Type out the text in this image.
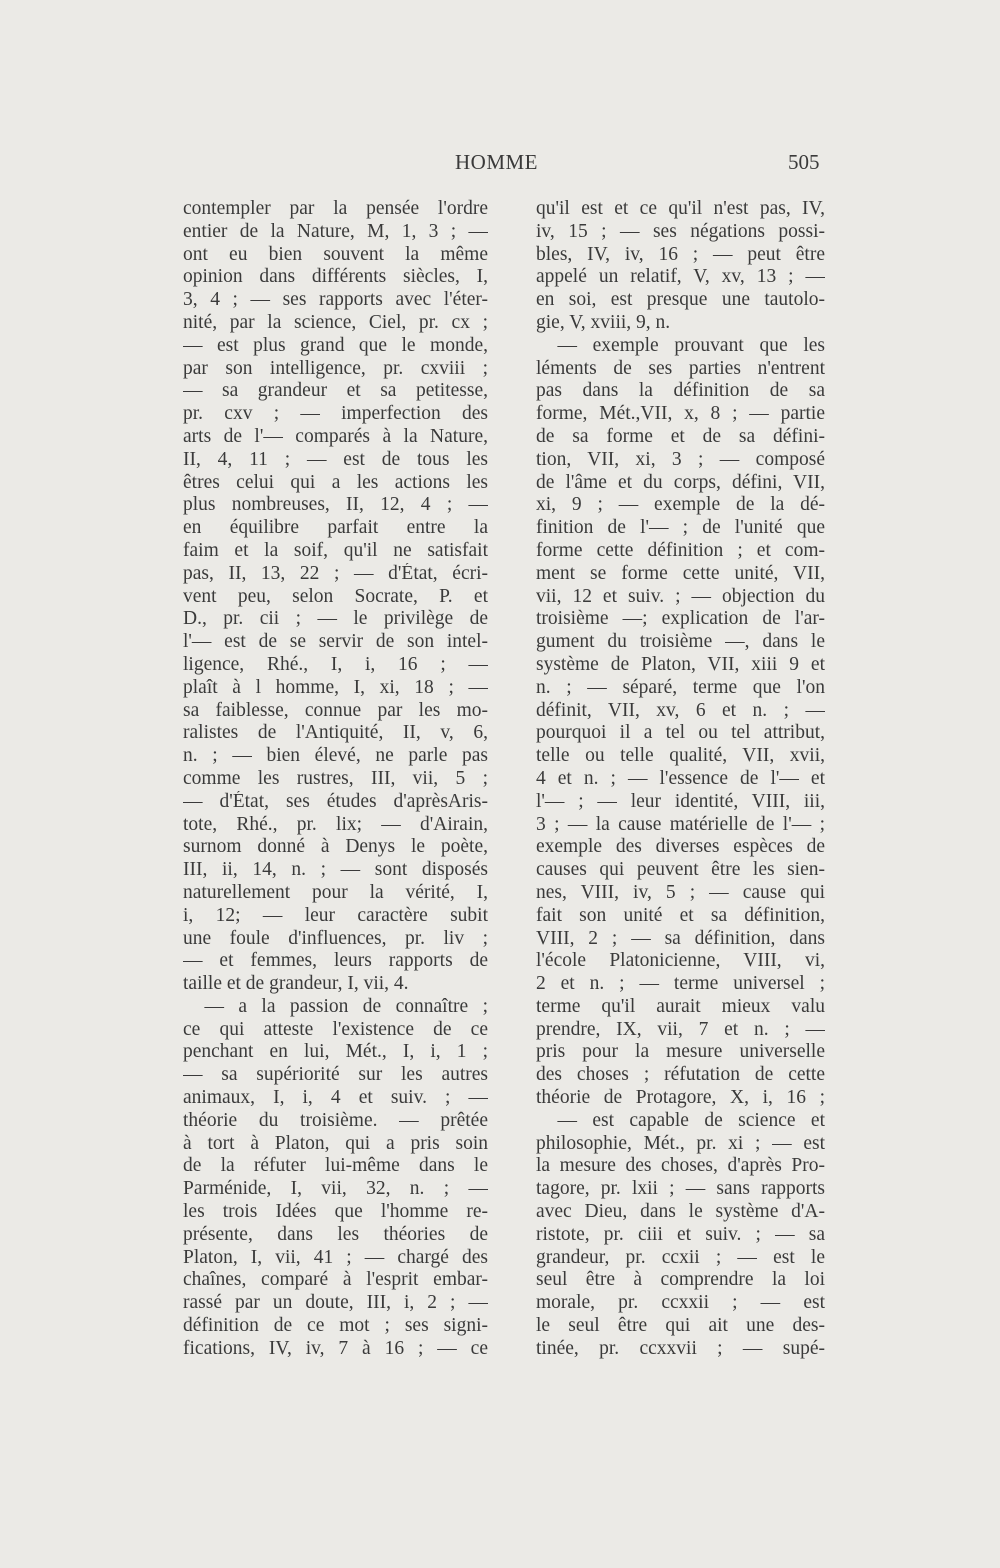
HOMME	505
contempler par la pensée l'ordre
entier de la Nature, M, 1, 3 ; —
ont eu bien souvent la même
opinion dans différents siècles, I,
3, 4 ; — ses rapports avec l'éter-
nité, par la science, Ciel, pr. cx ;
— est plus grand que le monde,
par son intelligence, pr. cxviii ;
— sa grandeur et sa petitesse,
pr. cxv ; — imperfection des
arts de l'— comparés à la Nature,
II, 4, 11 ; — est de tous les
êtres celui qui a les actions les
plus nombreuses, II, 12, 4 ; —
en équilibre parfait entre la
faim et la soif, qu'il ne satisfait
pas, II, 13, 22 ; — d'État, écri-
vent peu, selon Socrate, P. et
D., pr. cii ; — le privilège de
l'— est de se servir de son intel-
ligence, Rhé., I, i, 16 ; —
plaît à l homme, I, xi, 18 ; —
sa faiblesse, connue par les mo-
ralistes de l'Antiquité, II, v, 6,
n. ; — bien élevé, ne parle pas
comme les rustres, III, vii, 5 ;
— d'État, ses études d'aprèsAris-
tote, Rhé., pr. lix; — d'Airain,
surnom donné à Denys le poète,
III, ii, 14, n. ; — sont disposés
naturellement pour la vérité, I,
i, 12; — leur caractère subit
une foule d'influences, pr. liv ;
— et femmes, leurs rapports de
taille et de grandeur, I, vii, 4.
— a la passion de connaître ;
ce qui atteste l'existence de ce
penchant en lui, Mét., I, i, 1 ;
— sa supériorité sur les autres
animaux, I, i, 4 et suiv. ; —
théorie du troisième. — prêtée
à tort à Platon, qui a pris soin
de la réfuter lui-même dans le
Parménide, I, vii, 32, n. ; —
les trois Idées que l'homme re-
présente, dans les théories de
Platon, I, vii, 41 ; — chargé des
chaînes, comparé à l'esprit embar-
rassé par un doute, III, i, 2 ; —
définition de ce mot ; ses signi-
fications, IV, iv, 7 à 16 ; — ce
qu'il est et ce qu'il n'est pas, IV,
iv, 15 ; — ses négations possi-
bles, IV, iv, 16 ; — peut être
appelé un relatif, V, xv, 13 ; —
en soi, est presque une tautolo-
gie, V, xviii, 9, n.
— exemple prouvant que les
léments de ses parties n'entrent
pas dans la définition de sa
forme, Mét.,VII, x, 8 ; — partie
de sa forme et de sa défini-
tion, VII, xi, 3 ; — composé
de l'âme et du corps, défini, VII,
xi, 9 ; — exemple de la dé-
finition de l'— ; de l'unité que
forme cette définition ; et com-
ment se forme cette unité, VII,
vii, 12 et suiv. ; — objection du
troisième —; explication de l'ar-
gument du troisième —, dans le
système de Platon, VII, xiii 9 et
n. ; — séparé, terme que l'on
définit, VII, xv, 6 et n. ; —
pourquoi il a tel ou tel attribut,
telle ou telle qualité, VII, xvii,
4 et n. ; — l'essence de l'— et
l'— ; — leur identité, VIII, iii,
3 ; — la cause matérielle de l'— ;
exemple des diverses espèces de
causes qui peuvent être les sien-
nes, VIII, iv, 5 ; — cause qui
fait son unité et sa définition,
VIII, 2 ; — sa définition, dans
l'école Platonicienne, VIII, vi,
2 et n. ; — terme universel ;
terme qu'il aurait mieux valu
prendre, IX, vii, 7 et n. ; —
pris pour la mesure universelle
des choses ; réfutation de cette
théorie de Protagore, X, i, 16 ;
— est capable de science et
philosophie, Mét., pr. xi ; — est
la mesure des choses, d'après Pro-
tagore, pr. lxii ; — sans rapports
avec Dieu, dans le système d'A-
ristote, pr. ciii et suiv. ; — sa
grandeur, pr. ccxii ; — est le
seul être à comprendre la loi
morale, pr. ccxxii ; — est
le seul être qui ait une des-
tinée, pr. ccxxvii ; — supé-
